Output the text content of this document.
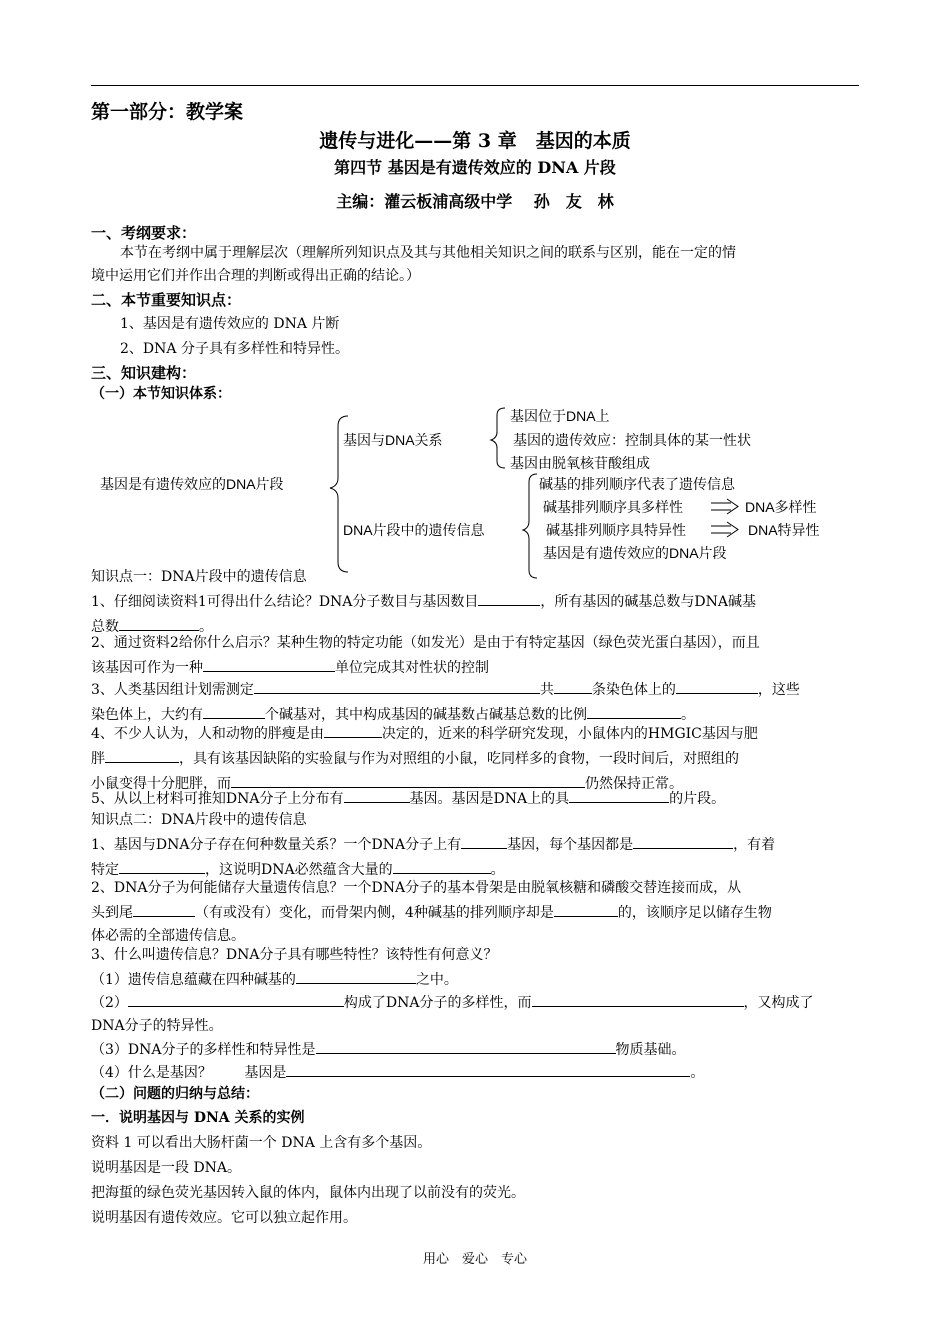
第一部分：教学案
遗传与进化——第 3 章　基因的本质
第四节 基因是有遗传效应的 DNA 片段
主编：灌云板浦高级中学　 孙　友　林
一、考纲要求：
本节在考纲中属于理解层次（理解所列知识点及其与其他相关知识之间的联系与区别，能在一定的情
境中运用它们并作出合理的判断或得出正确的结论。）
二、本节重要知识点：
1、基因是有遗传效应的 DNA 片断
2、DNA 分子具有多样性和特异性。
三、知识建构：
（一）本节知识体系：
基因是有遗传效应的DNA片段
基因与DNA关系
基因位于DNA上
基因的遗传效应：控制具体的某一性状
基因由脱氧核苷酸组成
DNA片段中的遗传信息
碱基的排列顺序代表了遗传信息
碱基排列顺序具多样性	DNA多样性
碱基排列顺序具特异性	DNA特异性
基因是有遗传效应的DNA片段
知识点一：DNA片段中的遗传信息
1、仔细阅读资料1可得出什么结论？DNA分子数目与基因数目	，所有基因的碱基总数与DNA碱基
总数	。
2、通过资料2给你什么启示？某种生物的特定功能（如发光）是由于有特定基因（绿色荧光蛋白基因），而且
该基因可作为一种	单位完成其对性状的控制
3、人类基因组计划需测定	共	条染色体上的	，这些
染色体上，大约有	个碱基对，其中构成基因的碱基数占碱基总数的比例	。
4、不少人认为，人和动物的胖瘦是由	决定的，近来的科学研究发现，小鼠体内的HMGIC基因与肥
胖	，具有该基因缺陷的实验鼠与作为对照组的小鼠，吃同样多的食物，一段时间后，对照组的
小鼠变得十分肥胖，而	仍然保持正常。
5、从以上材料可推知DNA分子上分布有	基因。基因是DNA上的具	的片段。
知识点二：DNA片段中的遗传信息
1、基因与DNA分子存在何种数量关系？一个DNA分子上有	基因，每个基因都是	，有着
特定	，这说明DNA必然蕴含大量的	。
2、DNA分子为何能储存大量遗传信息？一个DNA分子的基本骨架是由脱氧核糖和磷酸交替连接而成，从
头到尾	（有或没有）变化，而骨架内侧，4种碱基的排列顺序却是	的，该顺序足以储存生物
体必需的全部遗传信息。
3、什么叫遗传信息？DNA分子具有哪些特性？该特性有何意义？
（1）遗传信息蕴藏在四种碱基的	之中。
（2）	构成了DNA分子的多样性，而	，又构成了
DNA分子的特异性。
（3）DNA分子的多样性和特异性是	物质基础。
（4）什么是基因？　　 基因是	。
（二）问题的归纳与总结：
一．说明基因与 DNA 关系的实例
资料 1 可以看出大肠杆菌一个 DNA 上含有多个基因。
说明基因是一段 DNA。
把海蜇的绿色荧光基因转入鼠的体内，鼠体内出现了以前没有的荧光。
说明基因有遗传效应。它可以独立起作用。
用心　爱心　专心
